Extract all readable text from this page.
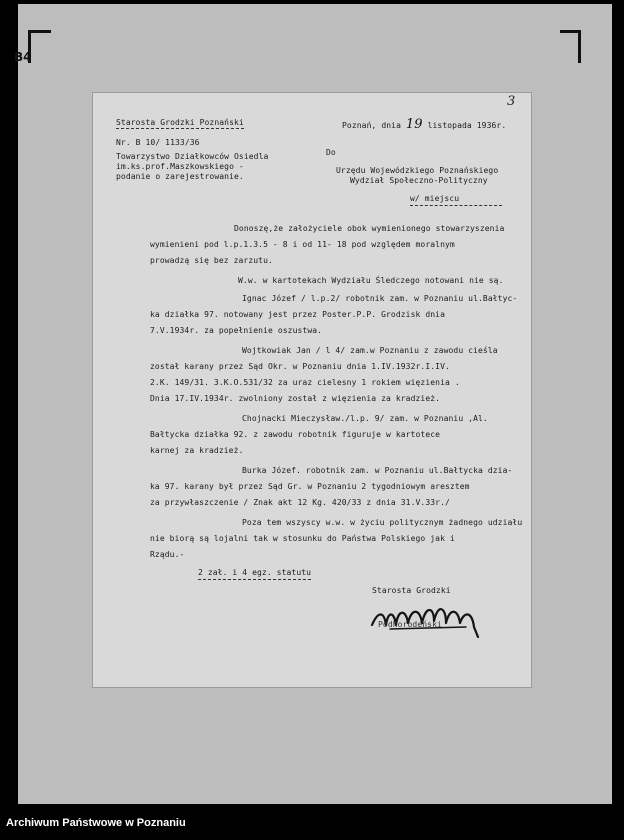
B4
3
Starosta Grodzki Poznański
Nr. B 10/ 1133/36
Towarzystwo Działkowców Osiedla
im.ks.prof.Maszkowskiego -
podanie o zarejestrowanie.
Poznań, dnia 19 listopada 1936r.
Do
Urzędu Wojewódzkiego Poznańskiego
Wydział Społeczno-Polityczny
w/ miejscu
Donoszę,że założyciele obok wymienionego stowarzyszenia
wymienieni pod l.p.1.3.5 - 8 i od 11- 18 pod względem moralnym
prowadzą się bez zarzutu.
W.w. w kartotekach Wydziału Śledczego notowani nie są.
Ignac Józef / l.p.2/ robotnik zam. w Poznaniu ul.Bałtyc-
ka działka 97. notowany jest przez Poster.P.P. Grodzisk dnia
7.V.1934r. za popełnienie oszustwa.
Wojtkowiak Jan / l 4/ zam.w Poznaniu z zawodu cieśla
został karany przez Sąd Okr. w Poznaniu dnia 1.IV.1932r.I.IV.
2.K. 149/31. 3.K.O.531/32 za uraz cielesny 1 rokiem więzienia .
Dnia 17.IV.1934r. zwolniony został z więzienia za kradzież.
Chojnacki Mieczysław./l.p. 9/ zam. w Poznaniu ,Al.
Bałtycka działka 92. z zawodu robotnik figuruje w kartotece
karnej za kradzież.
Burka Józef. robotnik zam. w Poznaniu ul.Bałtycka dzia-
ka 97. karany był przez Sąd Gr. w Poznaniu 2 tygodniowym aresztem
za przywłaszczenie / Znak akt 12 Kg. 420/33 z dnia 31.V.33r./
Poza tem wszyscy w.w. w życiu politycznym żadnego udziału
nie biorą są lojalni tak w stosunku do Państwa Polskiego jak i
Rządu.-
2 zał. i 4 egz. statutu
Starosta Grodzki
Podhorodeński
Archiwum Państwowe w Poznaniu
